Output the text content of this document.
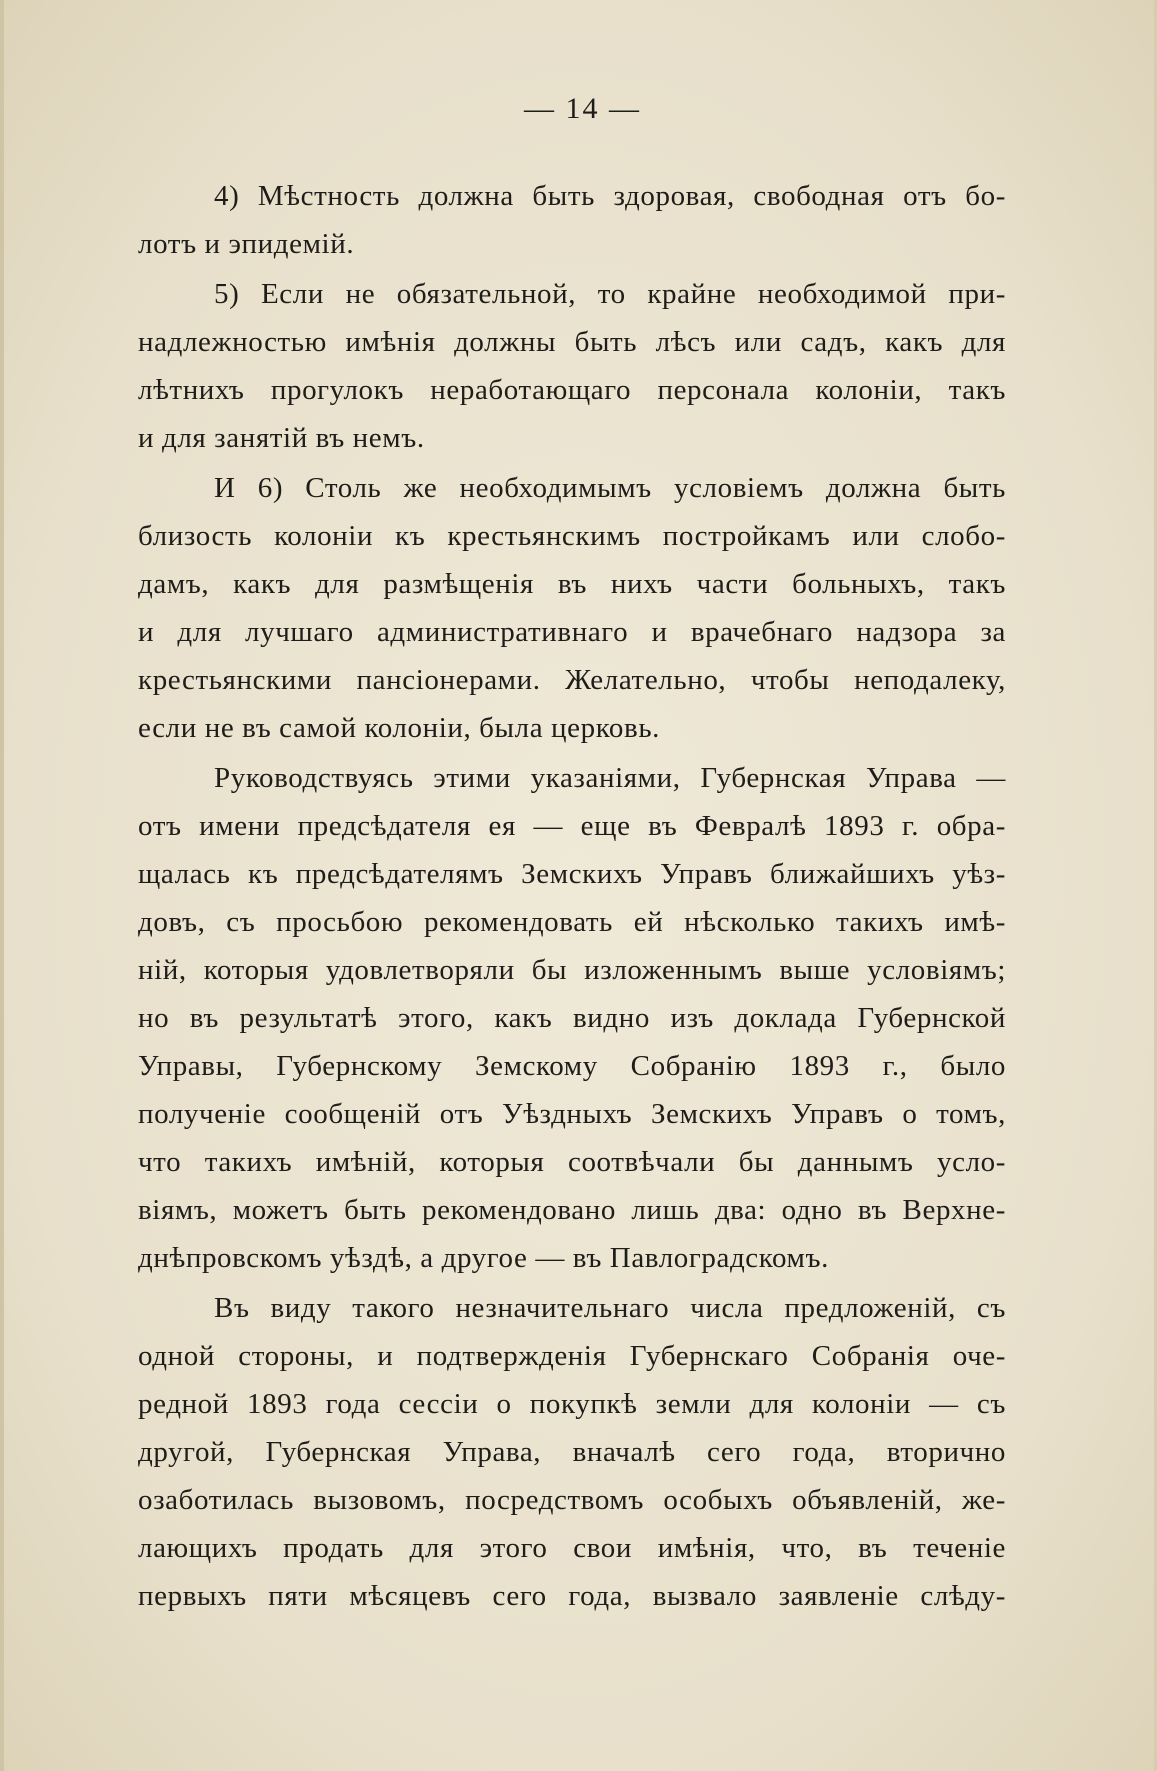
— 14 —
4) Мѣстность должна быть здоровая, свободная отъ бо-
лотъ и эпидемій.
5) Если не обязательной, то крайне необходимой при-
надлежностью имѣнія должны быть лѣсъ или садъ, какъ для
лѣтнихъ прогулокъ неработающаго персонала колоніи, такъ
и для занятій въ немъ.
И 6) Столь же необходимымъ условіемъ должна быть
близость колоніи къ крестьянскимъ постройкамъ или слобо-
дамъ, какъ для размѣщенія въ нихъ части больныхъ, такъ
и для лучшаго административнаго и врачебнаго надзора за
крестьянскими пансіонерами. Желательно, чтобы неподалеку,
если не въ самой колоніи, была церковь.
Руководствуясь этими указаніями, Губернская Управа —
отъ имени предсѣдателя ея — еще въ Февралѣ 1893 г. обра-
щалась къ предсѣдателямъ Земскихъ Управъ ближайшихъ уѣз-
довъ, съ просьбою рекомендовать ей нѣсколько такихъ имѣ-
ній, которыя удовлетворяли бы изложеннымъ выше условіямъ;
но въ результатѣ этого, какъ видно изъ доклада Губернской
Управы, Губернскому Земскому Собранію 1893 г., было
полученіе сообщеній отъ Уѣздныхъ Земскихъ Управъ о томъ,
что такихъ имѣній, которыя соотвѣчали бы даннымъ усло-
віямъ, можетъ быть рекомендовано лишь два: одно въ Верхне-
днѣпровскомъ уѣздѣ, а другое — въ Павлоградскомъ.
Въ виду такого незначительнаго числа предложеній, съ
одной стороны, и подтвержденія Губернскаго Собранія оче-
редной 1893 года сессіи о покупкѣ земли для колоніи — съ
другой, Губернская Управа, вначалѣ сего года, вторично
озаботилась вызовомъ, посредствомъ особыхъ объявленій, же-
лающихъ продать для этого свои имѣнія, что, въ теченіе
первыхъ пяти мѣсяцевъ сего года, вызвало заявленіе слѣду-
